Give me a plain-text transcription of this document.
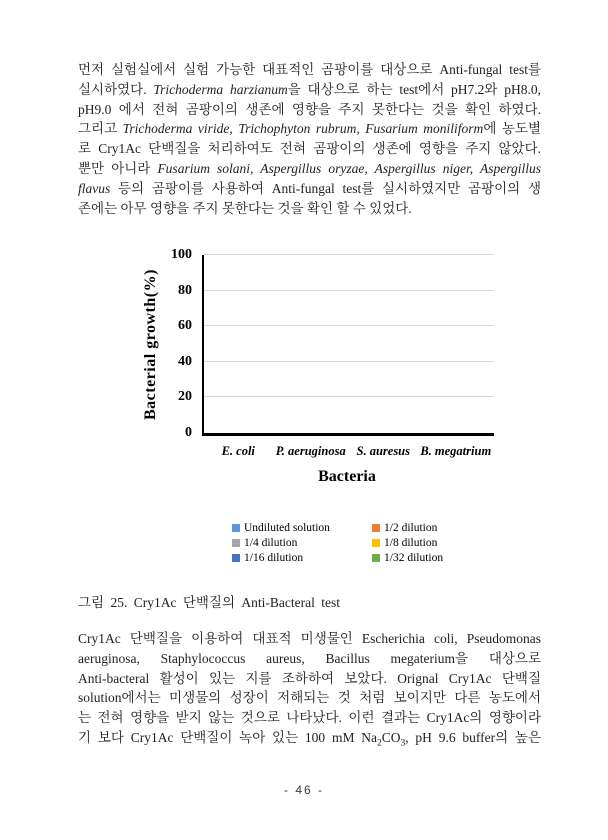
먼저 실험실에서 실험 가능한 대표적인 곰팡이를 대상으로 Anti-fungal test를
실시하였다. Trichoderma harzianum을 대상으로 하는 test에서 pH7.2와 pH8.0,
pH9.0 에서 전혀 곰팡이의 생존에 영향을 주지 못한다는 것을 확인 하였다.
그리고 Trichoderma viride, Trichophyton rubrum, Fusarium moniliform에 농도별
로 Cry1Ac 단백질을 처리하여도 전혀 곰팡이의 생존에 영향을 주지 않았다.
뿐만 아니라 Fusarium solani, Aspergillus oryzae, Aspergillus niger, Aspergillus
flavus 등의 곰팡이를 사용하여 Anti-fungal test를 실시하였지만 곰팡이의 생
존에는 아무 영향을 주지 못한다는 것을 확인 할 수 있었다.
Bacterial growth(%)
0
20
40
60
80
100
E. coli	P. aeruginosa S. auresus B. megatrium
Bacteria
Undiluted solution	1/2 dilution
1/4 dilution	1/8 dilution
1/16 dilution	1/32 dilution
그림 25. Cry1Ac 단백질의 Anti-Bacteral test
Cry1Ac 단백질을 이용하여 대표적 미생물인 Escherichia coli, Pseudomonas
aeruginosa, Staphylococcus aureus, Bacillus megaterium을 대상으로
Anti-bacteral 활성이 있는 지를 조하하여 보았다. Orignal Cry1Ac 단백질
solution에서는 미생물의 성장이 저해되는 것 처럼 보이지만 다른 농도에서
는 전혀 영향을 받지 않는 것으로 나타났다. 이런 결과는 Cry1Ac의 영향이라
기 보다 Cry1Ac 단백질이 녹아 있는 100 mM $Na_2CO_3$, pH 9.6 buffer의 높은
- 46 -
